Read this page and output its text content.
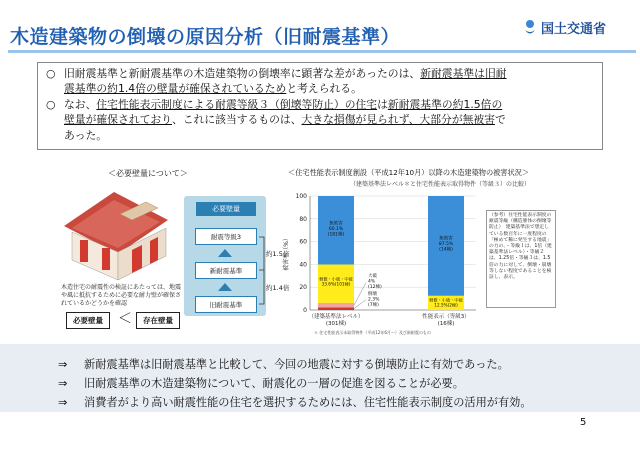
木造建築物の倒壊の原因分析（旧耐震基準）	国土交通省
○ 旧耐震基準と新耐震基準の木造建築物の倒壊率に顕著な差があったのは、新耐震基準は旧耐
震基準の約1.4倍の壁量が確保されているためと考えられる。
○ なお、住宅性能表示制度による耐震等級３（倒壊等防止）の住宅は新耐震基準の約1.5倍の
壁量が確保されており、これに該当するものは、大きな損傷が見られず、大部分が無被害で
あった。
＜必要壁量について＞
必要壁量
耐震等級3
新耐震基準
旧耐震基準
約1.5倍
約1.4倍
木造住宅の耐震性の検証にあたっては、地震や風に抵抗するために必要な耐力壁が確保されているかどうかを確認
必要壁量	＜	存在壁量
＜住宅性能表示制度創設（平成12年10月）以降の木造建築物の被害状況＞
（建築基準法レベル＊と住宅性能表示取得物件（等級３）の比較）
被害率（%）
0
20
40
60
80
100
（建築基準法レベル）
(301棟)
性能表示（等級3）
(16棟)
無被害 60.1% (181棟)
無被害 87.5% (14棟)
軽微・小破・中破 33.6%(101棟)
軽微・小破・中破 12.5%(2棟)
大破 4% (12棟)
倒壊 2.3% (7棟)
＊ 住宅性能表示未取得物件（平成12年6月～）及び新耐震のもの
（参考）住宅性能表示制度の耐震等級（構造躯体の倒壊等防止）　建築基準法で想定している数百年に一度程度の「極めて稀に発生する地震」の力の、・等級１は、1倍（建築基準法レベル）・等級２は、1.25倍・等級３は、1.5倍の力に対して、倒壊・崩壊等しない程度であることを検証し、表示。
⇒ 新耐震基準は旧耐震基準と比較して、今回の地震に対する倒壊防止に有効であった。
⇒ 旧耐震基準の木造建築物について、耐震化の一層の促進を図ることが必要。
⇒ 消費者がより高い耐震性能の住宅を選択するためには、住宅性能表示制度の活用が有効。
5
